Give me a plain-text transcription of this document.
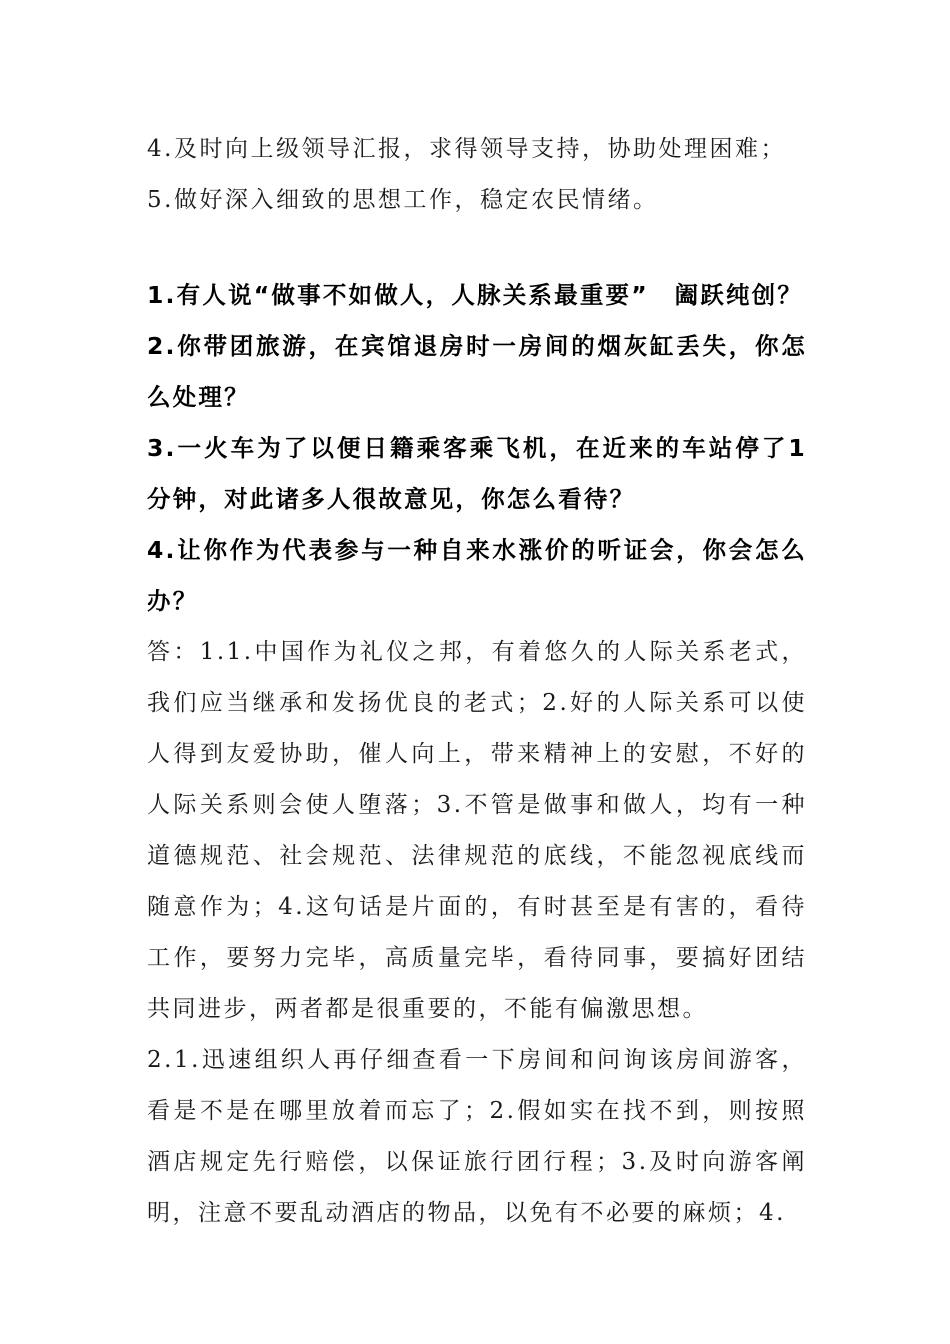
4.及时向上级领导汇报，求得领导支持，协助处理困难；

5.做好深入细致的思想工作，稳定农民情绪。

1.有人说“做事不如做人，人脉关系最重要”　阖跃纯创？

2.你带团旅游，在宾馆退房时一房间的烟灰缸丢失，你怎么处理？

3.一火车为了以便日籍乘客乘飞机，在近来的车站停了1分钟，对此诸多人很故意见，你怎么看待？

4.让你作为代表参与一种自来水涨价的听证会，你会怎么办？

答：1.1.中国作为礼仪之邦，有着悠久的人际关系老式，我们应当继承和发扬优良的老式；2.好的人际关系可以使人得到友爱协助，催人向上，带来精神上的安慰，不好的人际关系则会使人堕落；3.不管是做事和做人，均有一种道德规范、社会规范、法律规范的底线，不能忽视底线而随意作为；4.这句话是片面的，有时甚至是有害的，看待工作，要努力完毕，高质量完毕，看待同事，要搞好团结共同进步，两者都是很重要的，不能有偏激思想。

2.1.迅速组织人再仔细查看一下房间和问询该房间游客，看是不是在哪里放着而忘了；2.假如实在找不到，则按照酒店规定先行赔偿，以保证旅行团行程；3.及时向游客阐明，注意不要乱动酒店的物品，以免有不必要的麻烦；4.
